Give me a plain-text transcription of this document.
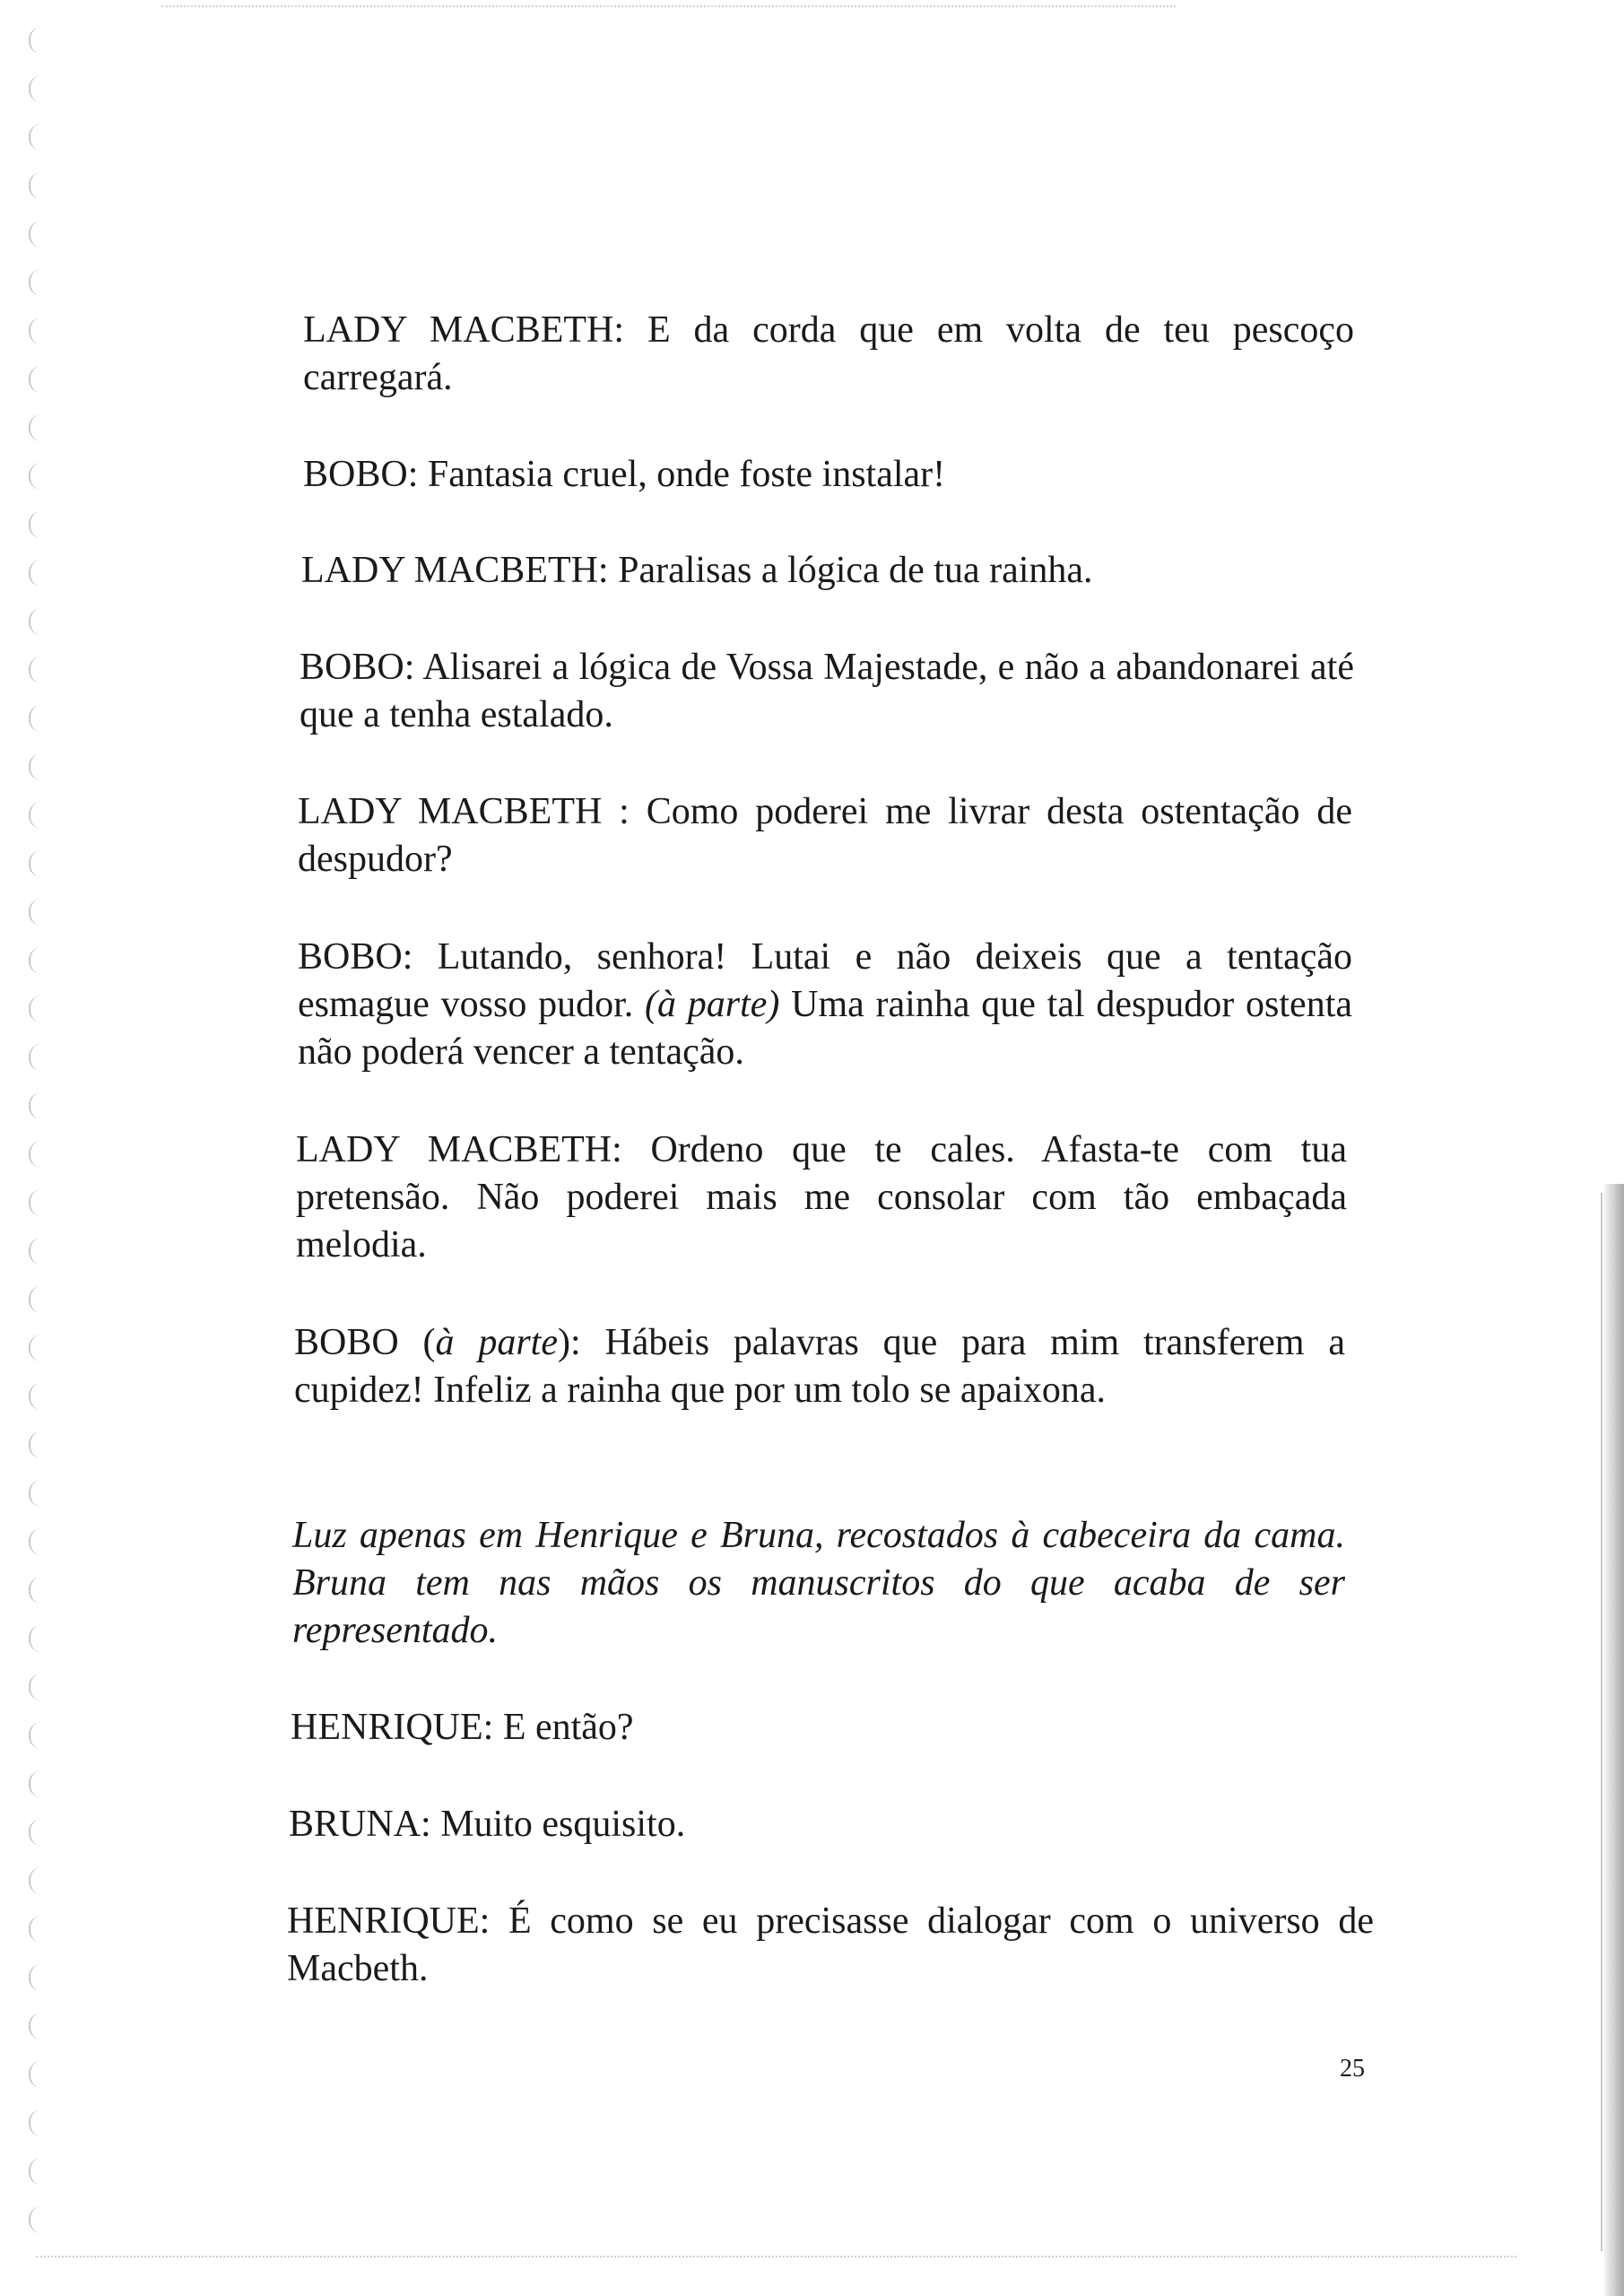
LADY MACBETH: E da corda que em volta de teu pescoço carregará.

BOBO: Fantasia cruel, onde foste instalar!

LADY MACBETH: Paralisas a lógica de tua rainha.

BOBO: Alisarei a lógica de Vossa Majestade, e não a abandonarei até que a tenha estalado.

LADY MACBETH : Como poderei me livrar desta ostentação de despudor?

BOBO: Lutando, senhora! Lutai e não deixeis que a tentação esmague vosso pudor. (à parte) Uma rainha que tal despudor ostenta não poderá vencer a tentação.

LADY MACBETH: Ordeno que te cales. Afasta-te com tua pretensão. Não poderei mais me consolar com tão embaçada melodia.

BOBO (à parte): Hábeis palavras que para mim transferem a cupidez! Infeliz a rainha que por um tolo se apaixona.

Luz apenas em Henrique e Bruna, recostados à cabeceira da cama. Bruna tem nas mãos os manuscritos do que acaba de ser representado.

HENRIQUE: E então?

BRUNA: Muito esquisito.

HENRIQUE: É como se eu precisasse dialogar com o universo de Macbeth.

25
